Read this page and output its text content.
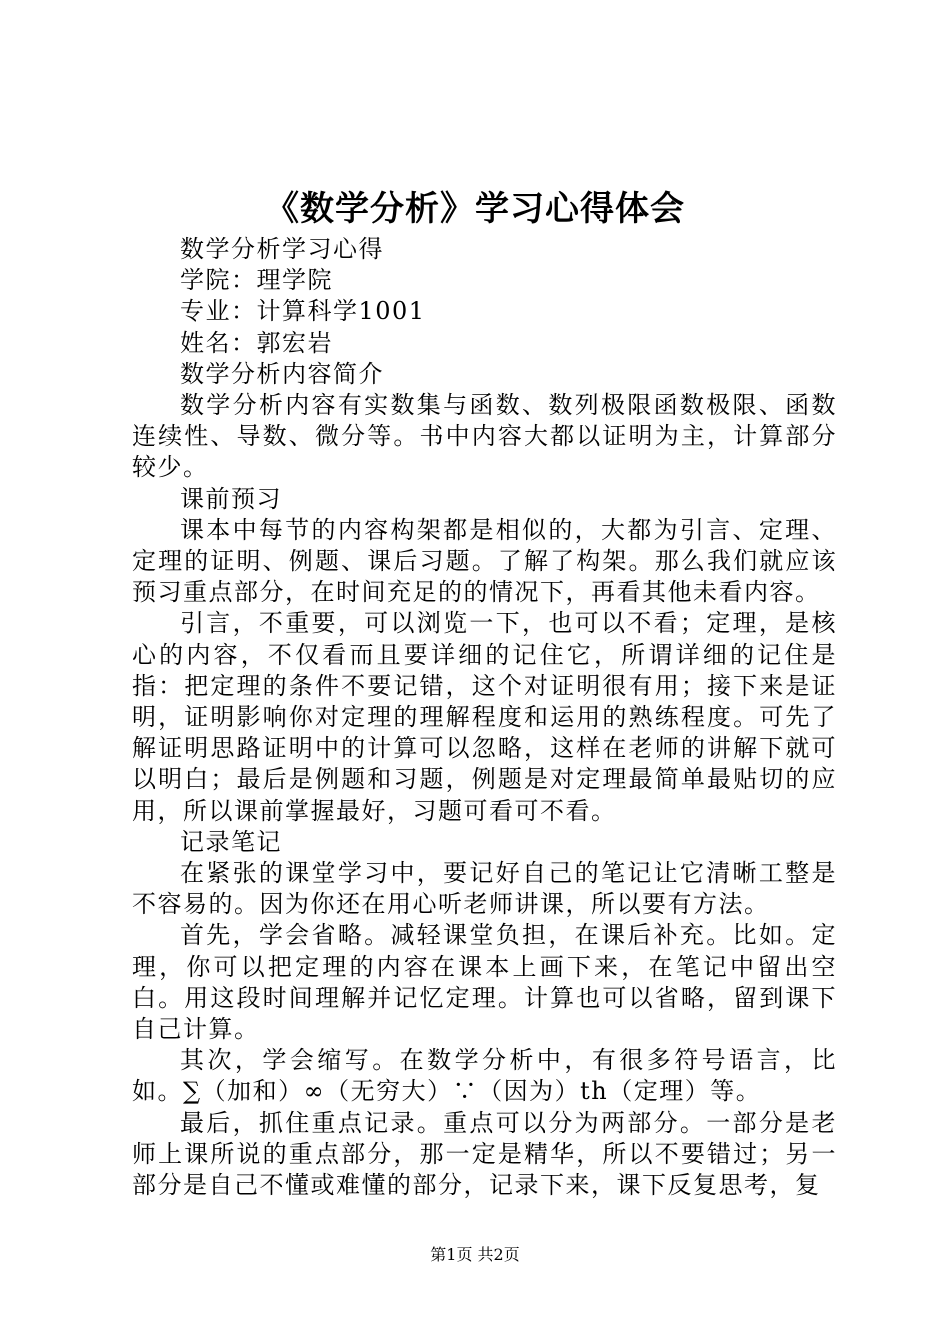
《数学分析》学习心得体会
数学分析学习心得
学院：理学院
专业：计算科学1001
姓名：郭宏岩
数学分析内容简介
数学分析内容有实数集与函数、数列极限函数极限、函数连续性、导数、微分等。书中内容大都以证明为主，计算部分较少。
课前预习
课本中每节的内容构架都是相似的，大都为引言、定理、定理的证明、例题、课后习题。了解了构架。那么我们就应该预习重点部分，在时间充足的的情况下，再看其他未看内容。
引言，不重要，可以浏览一下，也可以不看；定理，是核心的内容，不仅看而且要详细的记住它，所谓详细的记住是指：把定理的条件不要记错，这个对证明很有用；接下来是证明，证明影响你对定理的理解程度和运用的熟练程度。可先了解证明思路证明中的计算可以忽略，这样在老师的讲解下就可以明白；最后是例题和习题，例题是对定理最简单最贴切的应用，所以课前掌握最好，习题可看可不看。
记录笔记
在紧张的课堂学习中，要记好自己的笔记让它清晰工整是不容易的。因为你还在用心听老师讲课，所以要有方法。
首先，学会省略。减轻课堂负担，在课后补充。比如。定理，你可以把定理的内容在课本上画下来，在笔记中留出空白。用这段时间理解并记忆定理。计算也可以省略，留到课下自己计算。
其次，学会缩写。在数学分析中，有很多符号语言，比如。∑（加和）∞（无穷大）∵（因为）th（定理）等。
最后，抓住重点记录。重点可以分为两部分。一部分是老师上课所说的重点部分，那一定是精华，所以不要错过；另一部分是自己不懂或难懂的部分，记录下来，课下反复思考，复
第1页 共2页
